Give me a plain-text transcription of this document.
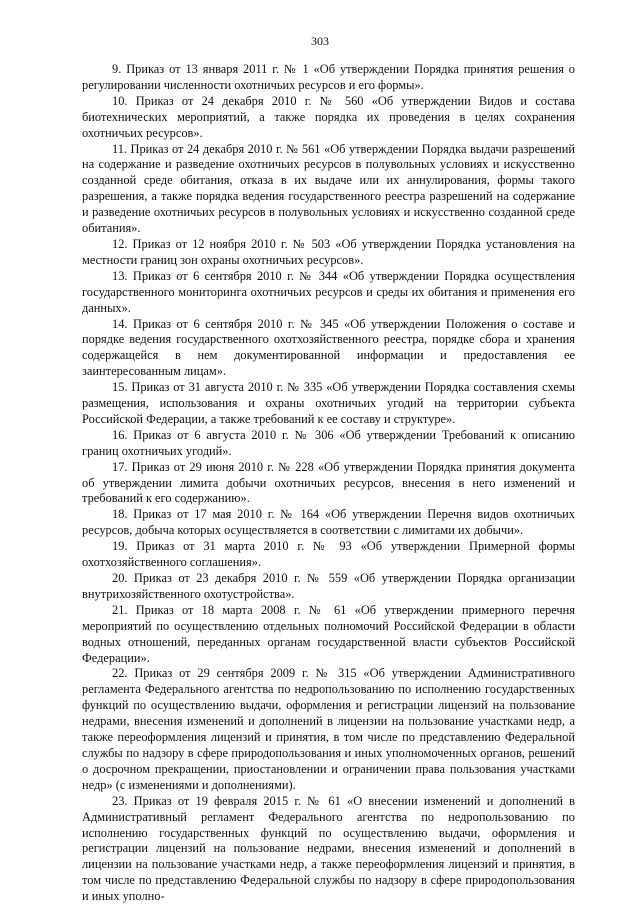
303

9. Приказ от 13 января 2011 г. № 1 «Об утверждении Порядка принятия решения о регулировании численности охотничьих ресурсов и его формы».

10. Приказ от 24 декабря 2010 г. № 560 «Об утверждении Видов и состава биотехнических мероприятий, а также порядка их проведения в целях сохранения охотничьих ресурсов».

11. Приказ от 24 декабря 2010 г. № 561 «Об утверждении Порядка выдачи разрешений на содержание и разведение охотничьих ресурсов в полувольных условиях и искусственно созданной среде обитания, отказа в их выдаче или их аннулирования, формы такого разрешения, а также порядка ведения государственного реестра разрешений на содержание и разведение охотничьих ресурсов в полувольных условиях и искусственно созданной среде обитания».

12. Приказ от 12 ноября 2010 г. № 503 «Об утверждении Порядка установления на местности границ зон охраны охотничьих ресурсов».

13. Приказ от 6 сентября 2010 г. № 344 «Об утверждении Порядка осуществления государственного мониторинга охотничьих ресурсов и среды их обитания и применения его данных».

14. Приказ от 6 сентября 2010 г. № 345 «Об утверждении Положения о составе и порядке ведения государственного охотхозяйственного реестра, порядке сбора и хранения содержащейся в нем документированной информации и предоставления ее заинтересованным лицам».

15. Приказ от 31 августа 2010 г. № 335 «Об утверждении Порядка составления схемы размещения, использования и охраны охотничьих угодий на территории субъекта Российской Федерации, а также требований к ее составу и структуре».

16. Приказ от 6 августа 2010 г. № 306 «Об утверждении Требований к описанию границ охотничьих угодий».

17. Приказ от 29 июня 2010 г. № 228 «Об утверждении Порядка принятия документа об утверждении лимита добычи охотничьих ресурсов, внесения в него изменений и требований к его содержанию».

18. Приказ от 17 мая 2010 г. № 164 «Об утверждении Перечня видов охотничьих ресурсов, добыча которых осуществляется в соответствии с лимитами их добычи».

19. Приказ от 31 марта 2010 г. № 93 «Об утверждении Примерной формы охотхозяйственного соглашения».

20. Приказ от 23 декабря 2010 г. № 559 «Об утверждении Порядка организации внутрихозяйственного охотустройства».

21. Приказ от 18 марта 2008 г. № 61 «Об утверждении примерного перечня мероприятий по осуществлению отдельных полномочий Российской Федерации в области водных отношений, переданных органам государственной власти субъектов Российской Федерации».

22. Приказ от 29 сентября 2009 г. № 315 «Об утверждении Административного регламента Федерального агентства по недропользованию по исполнению государственных функций по осуществлению выдачи, оформления и регистрации лицензий на пользование недрами, внесения изменений и дополнений в лицензии на пользование участками недр, а также переоформления лицензий и принятия, в том числе по представлению Федеральной службы по надзору в сфере природопользования и иных уполномоченных органов, решений о досрочном прекращении, приостановлении и ограничении права пользования участками недр» (с изменениями и дополнениями).

23. Приказ от 19 февраля 2015 г. № 61 «О внесении изменений и дополнений в Административный регламент Федерального агентства по недропользованию по исполнению государственных функций по осуществлению выдачи, оформления и регистрации лицензий на пользование недрами, внесения изменений и дополнений в лицензии на пользование участками недр, а также переоформления лицензий и принятия, в том числе по представлению Федеральной службы по надзору в сфере природопользования и иных уполно-
